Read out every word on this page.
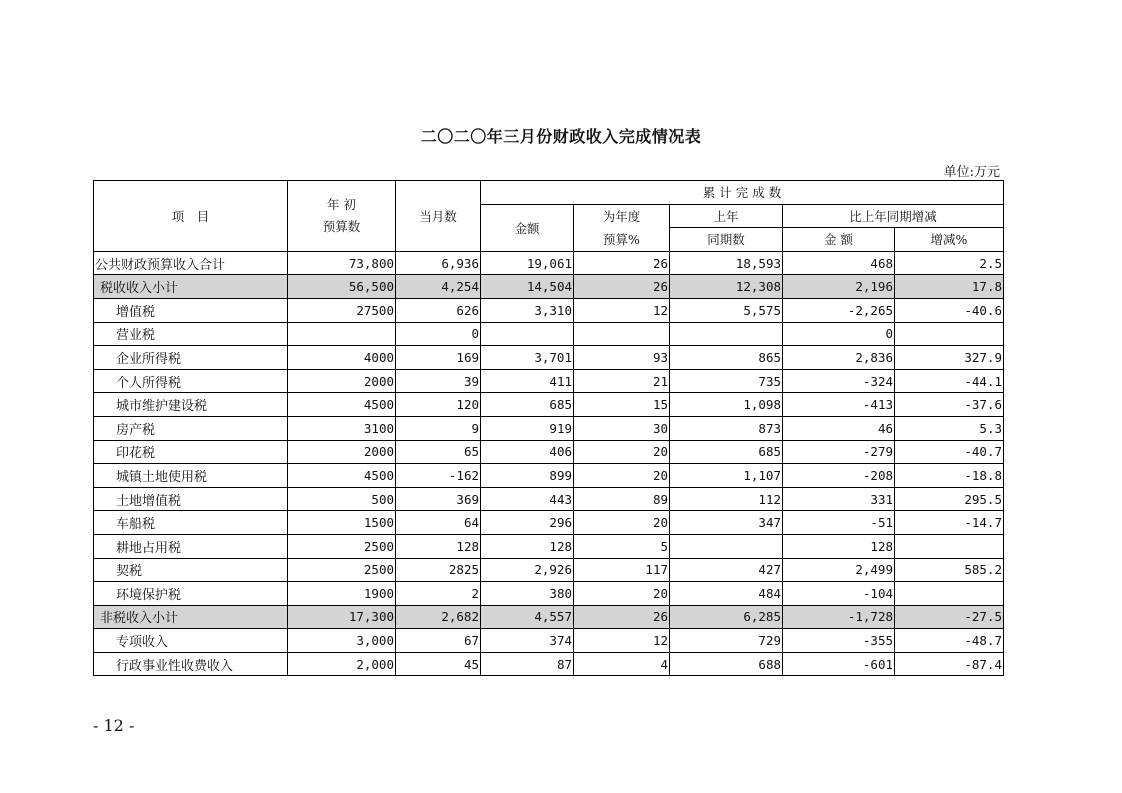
二〇二〇年三月份财政收入完成情况表
单位:万元
项　目	年 初
预算数	当月数	累 计 完 成 数				
			金额	为年度	上年	比上年同期增减	
				预算%	同期数	金 额	增减%
公共财政预算收入合计	73,800	6,936	19,061	26	18,593	468	2.5
税收收入小计	56,500	4,254	14,504	26	12,308	2,196	17.8
增值税	27500	626	3,310	12	5,575	-2,265	-40.6
营业税		0				0	
企业所得税	4000	169	3,701	93	865	2,836	327.9
个人所得税	2000	39	411	21	735	-324	-44.1
城市维护建设税	4500	120	685	15	1,098	-413	-37.6
房产税	3100	9	919	30	873	46	5.3
印花税	2000	65	406	20	685	-279	-40.7
城镇土地使用税	4500	-162	899	20	1,107	-208	-18.8
土地增值税	500	369	443	89	112	331	295.5
车船税	1500	64	296	20	347	-51	-14.7
耕地占用税	2500	128	128	5		128	
契税	2500	2825	2,926	117	427	2,499	585.2
环境保护税	1900	2	380	20	484	-104	
非税收入小计	17,300	2,682	4,557	26	6,285	-1,728	-27.5
专项收入	3,000	67	374	12	729	-355	-48.7
行政事业性收费收入	2,000	45	87	4	688	-601	-87.4
- 12 -
